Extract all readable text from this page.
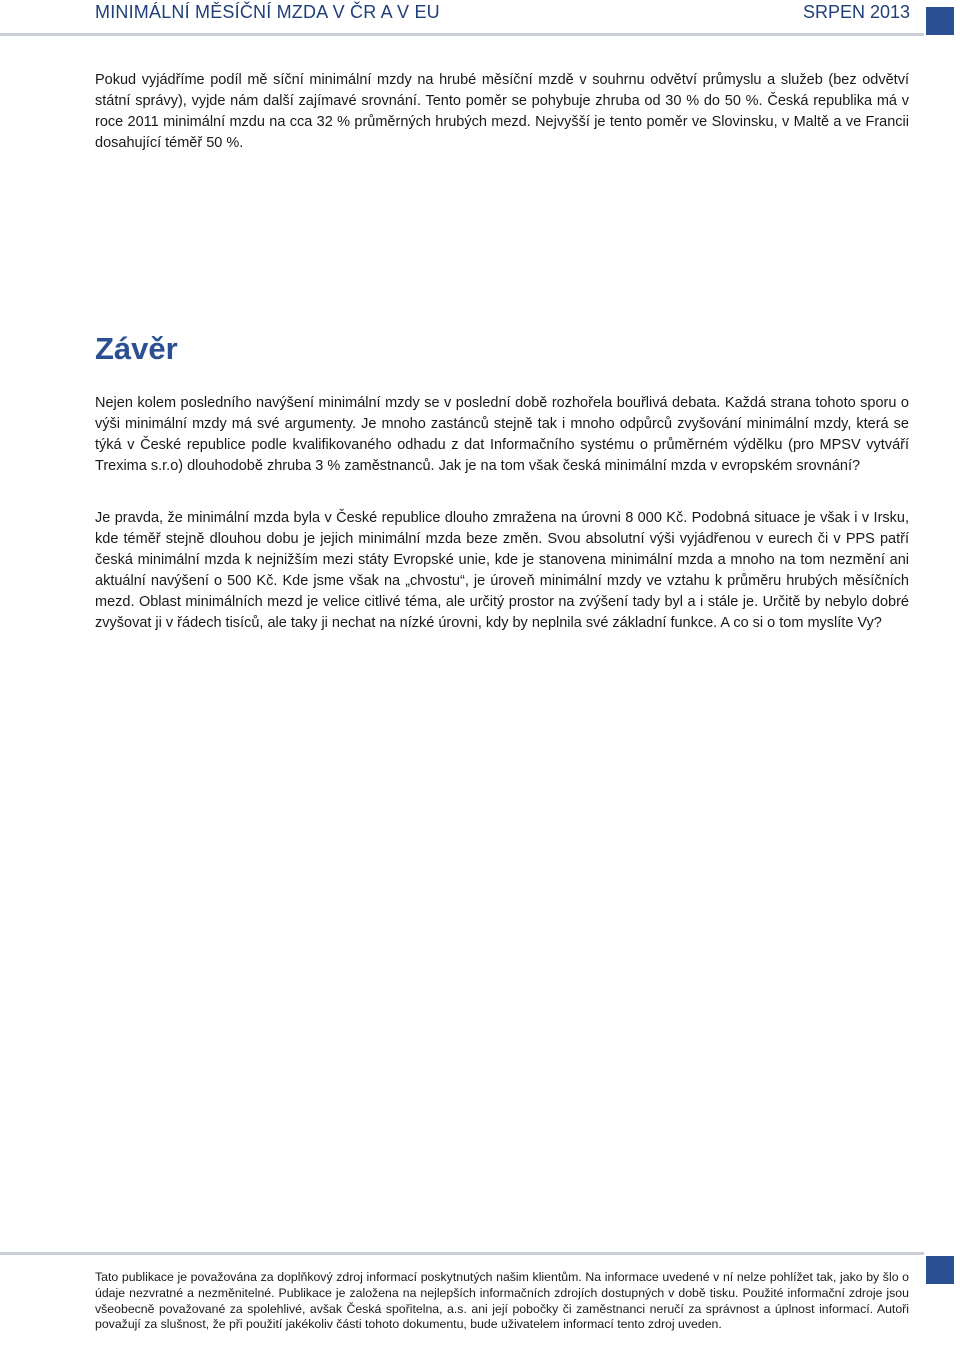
MINIMÁLNÍ MĚSÍČNÍ MZDA V ČR A V EU	SRPEN 2013

Pokud vyjádříme podíl mě síční minimální mzdy na hrubé měsíční mzdě v souhrnu odvětví průmyslu a služeb (bez odvětví státní správy), vyjde nám další zajímavé srovnání. Tento poměr se pohybuje zhruba od 30 % do 50 %. Česká republika má v roce 2011 minimální mzdu na cca 32 % průměrných hrubých mezd. Nejvyšší je tento poměr ve Slovinsku, v Maltě a ve Francii dosahující téměř 50 %.

Závěr

Nejen kolem posledního navýšení minimální mzdy se v poslední době rozhořela bouřlivá debata. Každá strana tohoto sporu o výši minimální mzdy má své argumenty. Je mnoho zastánců stejně tak i mnoho odpůrců zvyšování minimální mzdy, která se týká v České republice podle kvalifikovaného odhadu z dat Informačního systému o průměrném výdělku (pro MPSV vytváří Trexima s.r.o) dlouhodobě zhruba 3 % zaměstnanců. Jak je na tom však česká minimální mzda v evropském srovnání?

Je pravda, že minimální mzda byla v České republice dlouho zmražena na úrovni 8 000 Kč. Podobná situace je však i v Irsku, kde téměř stejně dlouhou dobu je jejich minimální mzda beze změn. Svou absolutní výši vyjádřenou v eurech či v PPS patří česká minimální mzda k nejnižším mezi státy Evropské unie, kde je stanovena minimální mzda a mnoho na tom nezmění ani aktuální navýšení o 500 Kč. Kde jsme však na „chvostu“, je úroveň minimální mzdy ve vztahu k průměru hrubých měsíčních mezd. Oblast minimálních mezd je velice citlivé téma, ale určitý prostor na zvýšení tady byl a i stále je. Určitě by nebylo dobré zvyšovat ji v řádech tisíců, ale taky ji nechat na nízké úrovni, kdy by neplnila své základní funkce. A co si o tom myslíte Vy?

Tato publikace je považována za doplňkový zdroj informací poskytnutých našim klientům. Na informace uvedené v ní nelze pohlížet tak, jako by šlo o údaje nezvratné a nezměnitelné. Publikace je založena na nejlepších informačních zdrojích dostupných v době tisku. Použité informační zdroje jsou všeobecně považované za spolehlivé, avšak Česká spořitelna, a.s. ani její pobočky či zaměstnanci neručí za správnost a úplnost informací. Autoři považují za slušnost, že při použití jakékoliv části tohoto dokumentu, bude uživatelem informací tento zdroj uveden.
